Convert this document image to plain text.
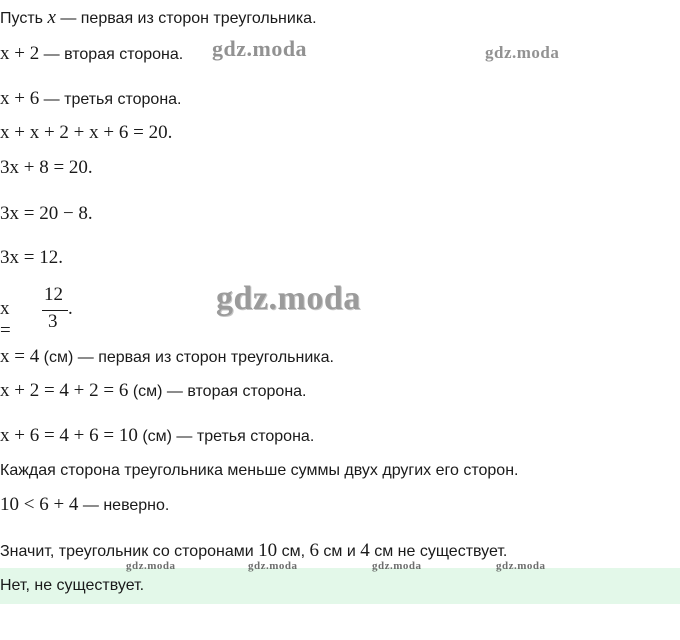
Пусть x — первая из сторон треугольника.
x + 2 — вторая сторона.
x + 6 — третья сторона.
x + x + 2 + x + 6 = 20.
3x + 8 = 20.
3x = 20 − 8.
3x = 12.
x =
12
3
.
x = 4 (см) — первая из сторон треугольника.
x + 2 = 4 + 2 = 6 (см) — вторая сторона.
x + 6 = 4 + 6 = 10 (см) — третья сторона.
Каждая сторона треугольника меньше суммы двух других его сторон.
10 < 6 + 4 — неверно.
Значит, треугольник со сторонами 10 см, 6 см и 4 см не существует.
Нет, не существует.
gdz.moda	gdz.moda
gdz.moda
gdz.moda	gdz.moda	gdz.moda	gdz.moda
